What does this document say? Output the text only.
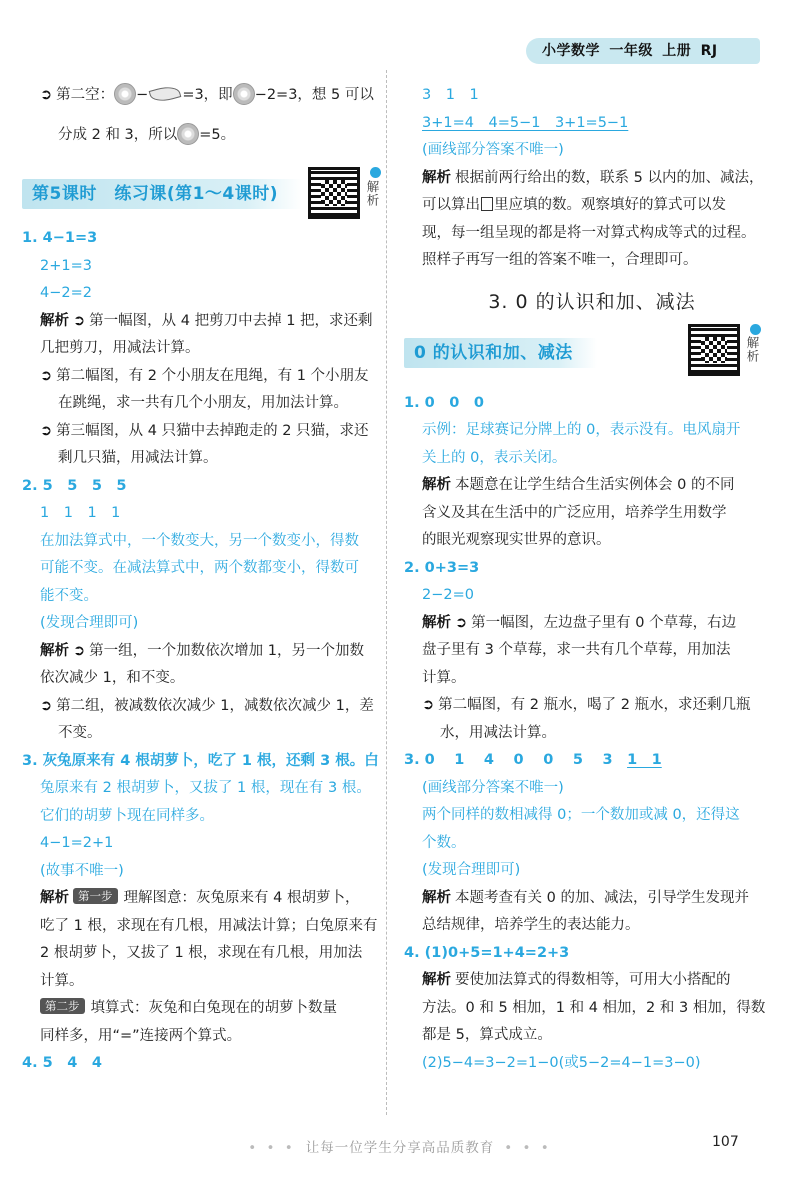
小学数学 一年级 上册 RJ
➲ 第二空： − =3，即 −2=3，想 5 可以
分成 2 和 3，所以 =5。
第5课时　练习课(第1～4课时)	解析
1. 4−1=3
2+1=3
4−2=2
解析 ➲ 第一幅图，从 4 把剪刀中去掉 1 把，求还剩
几把剪刀，用减法计算。
➲ 第二幅图，有 2 个小朋友在甩绳，有 1 个小朋友
在跳绳，求一共有几个小朋友，用加法计算。
➲ 第三幅图，从 4 只猫中去掉跑走的 2 只猫，求还
剩几只猫，用减法计算。
2. 5　5　5　5
1　1　1　1
在加法算式中，一个数变大，另一个数变小，得数
可能不变。在减法算式中，两个数都变小，得数可
能不变。
(发现合理即可)
解析 ➲ 第一组，一个加数依次增加 1，另一个加数
依次减少 1，和不变。
➲ 第二组，被减数依次减少 1，减数依次减少 1，差
不变。
3. 灰兔原来有 4 根胡萝卜，吃了 1 根，还剩 3 根。白
兔原来有 2 根胡萝卜，又拔了 1 根，现在有 3 根。
它们的胡萝卜现在同样多。
4−1=2+1
(故事不唯一)
解析 第一步 理解图意：灰兔原来有 4 根胡萝卜，
吃了 1 根，求现在有几根，用减法计算；白兔原来有
2 根胡萝卜，又拔了 1 根，求现在有几根，用加法
计算。
第二步 填算式：灰兔和白兔现在的胡萝卜数量
同样多，用“=”连接两个算式。
4. 5　4　4
3　1　1
3+1=4　4=5−1　3+1=5−1
(画线部分答案不唯一)
解析 根据前两行给出的数，联系 5 以内的加、减法，
可以算出 里应填的数。观察填好的算式可以发
现，每一组呈现的都是将一对算式构成等式的过程。
照样子再写一组的答案不唯一，合理即可。
3. 0 的认识和加、减法
0 的认识和加、减法	解析
1. 0　0　0
示例：足球赛记分牌上的 0，表示没有。电风扇开
关上的 0，表示关闭。
解析 本题意在让学生结合生活实例体会 0 的不同
含义及其在生活中的广泛应用，培养学生用数学
的眼光观察现实世界的意识。
2. 0+3=3
2−2=0
解析 ➲ 第一幅图，左边盘子里有 0 个草莓，右边
盘子里有 3 个草莓，求一共有几个草莓，用加法
计算。
➲ 第二幅图，有 2 瓶水，喝了 2 瓶水，求还剩几瓶
水，用减法计算。
3. 0　 1　 4　 0　 0　 5　 3　1　1
(画线部分答案不唯一)
两个同样的数相减得 0；一个数加或减 0，还得这
个数。
(发现合理即可)
解析 本题考查有关 0 的加、减法，引导学生发现并
总结规律，培养学生的表达能力。
4. (1)0+5=1+4=2+3
解析 要使加法算式的得数相等，可用大小搭配的
方法。0 和 5 相加，1 和 4 相加，2 和 3 相加，得数
都是 5，算式成立。
(2)5−4=3−2=1−0(或5−2=4−1=3−0)
• • • 让每一位学生分享高品质教育 • • •	107
